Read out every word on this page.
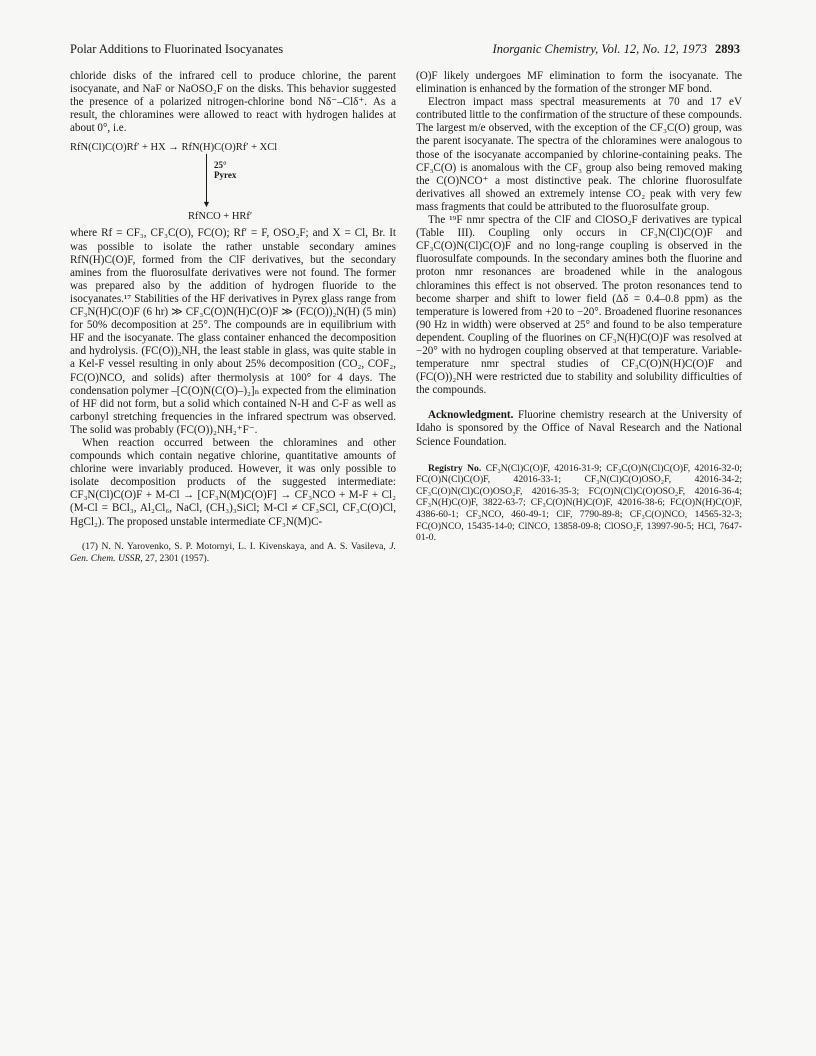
Polar Additions to Fluorinated Isocyanates	Inorganic Chemistry, Vol. 12, No. 12, 1973 2893

chloride disks of the infrared cell to produce chlorine, the parent isocyanate, and NaF or NaOSO₂F on the disks. This behavior suggested the presence of a polarized nitrogen-chlorine bond Nδ⁻–Clδ⁺. As a result, the chloramines were allowed to react with hydrogen halides at about 0°, i.e.

RfN(Cl)C(O)Rf′ + HX → RfN(H)C(O)Rf′ + XCl
▼
25°
Pyrex
RfNCO + HRf′

where Rf = CF₃, CF₃C(O), FC(O); Rf′ = F, OSO₂F; and X = Cl, Br. It was possible to isolate the rather unstable secondary amines RfN(H)C(O)F, formed from the ClF derivatives, but the secondary amines from the fluorosulfate derivatives were not found. The former was prepared also by the addition of hydrogen fluoride to the isocyanates.¹⁷ Stabilities of the HF derivatives in Pyrex glass range from CF₃N(H)C(O)F (6 hr) ≫ CF₃C(O)N(H)C(O)F ≫ (FC(O))₂N(H) (5 min) for 50% decomposition at 25°. The compounds are in equilibrium with HF and the isocyanate. The glass container enhanced the decomposition and hydrolysis. (FC(O))₂NH, the least stable in glass, was quite stable in a Kel-F vessel resulting in only about 25% decomposition (CO₂, COF₂, FC(O)NCO, and solids) after thermolysis at 100° for 4 days. The condensation polymer –[C(O)N(C(O)–)₂]ₙ expected from the elimination of HF did not form, but a solid which contained N-H and C-F as well as carbonyl stretching frequencies in the infrared spectrum was observed. The solid was probably (FC(O))₂NH₂⁺F⁻.

When reaction occurred between the chloramines and other compounds which contain negative chlorine, quantitative amounts of chlorine were invariably produced. However, it was only possible to isolate decomposition products of the suggested intermediate: CF₃N(Cl)C(O)F + M-Cl → [CF₃N(M)C(O)F] → CF₃NCO + M-F + Cl₂ (M-Cl = BCl₃, Al₂Cl₆, NaCl, (CH₃)₃SiCl; M-Cl ≠ CF₃SCl, CF₃C(O)Cl, HgCl₂). The proposed unstable intermediate CF₃N(M)C-

(17) N. N. Yarovenko, S. P. Motornyi, L. I. Kivenskaya, and A. S. Vasileva, J. Gen. Chem. USSR, 27, 2301 (1957).

(O)F likely undergoes MF elimination to form the isocyanate. The elimination is enhanced by the formation of the stronger MF bond.

Electron impact mass spectral measurements at 70 and 17 eV contributed little to the confirmation of the structure of these compounds. The largest m/e observed, with the exception of the CF₃C(O) group, was the parent isocyanate. The spectra of the chloramines were analogous to those of the isocyanate accompanied by chlorine-containing peaks. The CF₃C(O) is anomalous with the CF₃ group also being removed making the C(O)NCO⁺ a most distinctive peak. The chlorine fluorosulfate derivatives all showed an extremely intense CO₂ peak with very few mass fragments that could be attributed to the fluorosulfate group.

The ¹⁹F nmr spectra of the ClF and ClOSO₂F derivatives are typical (Table III). Coupling only occurs in CF₃N(Cl)C(O)F and CF₃C(O)N(Cl)C(O)F and no long-range coupling is observed in the fluorosulfate compounds. In the secondary amines both the fluorine and proton nmr resonances are broadened while in the analogous chloramines this effect is not observed. The proton resonances tend to become sharper and shift to lower field (Δδ = 0.4–0.8 ppm) as the temperature is lowered from +20 to −20°. Broadened fluorine resonances (90 Hz in width) were observed at 25° and found to be also temperature dependent. Coupling of the fluorines on CF₃N(H)C(O)F was resolved at −20° with no hydrogen coupling observed at that temperature. Variable-temperature nmr spectral studies of CF₃C(O)N(H)C(O)F and (FC(O))₂NH were restricted due to stability and solubility difficulties of the compounds.

Acknowledgment. Fluorine chemistry research at the University of Idaho is sponsored by the Office of Naval Research and the National Science Foundation.

Registry No. CF₃N(Cl)C(O)F, 42016-31-9; CF₃C(O)N(Cl)C(O)F, 42016-32-0; FC(O)N(Cl)C(O)F, 42016-33-1; CF₃N(Cl)C(O)OSO₂F, 42016-34-2; CF₃C(O)N(Cl)C(O)OSO₂F, 42016-35-3; FC(O)N(Cl)C(O)OSO₂F, 42016-36-4; CF₃N(H)C(O)F, 3822-63-7; CF₃C(O)N(H)C(O)F, 42016-38-6; FC(O)N(H)C(O)F, 4386-60-1; CF₃NCO, 460-49-1; ClF, 7790-89-8; CF₃C(O)NCO, 14565-32-3; FC(O)NCO, 15435-14-0; ClNCO, 13858-09-8; ClOSO₂F, 13997-90-5; HCl, 7647-01-0.
